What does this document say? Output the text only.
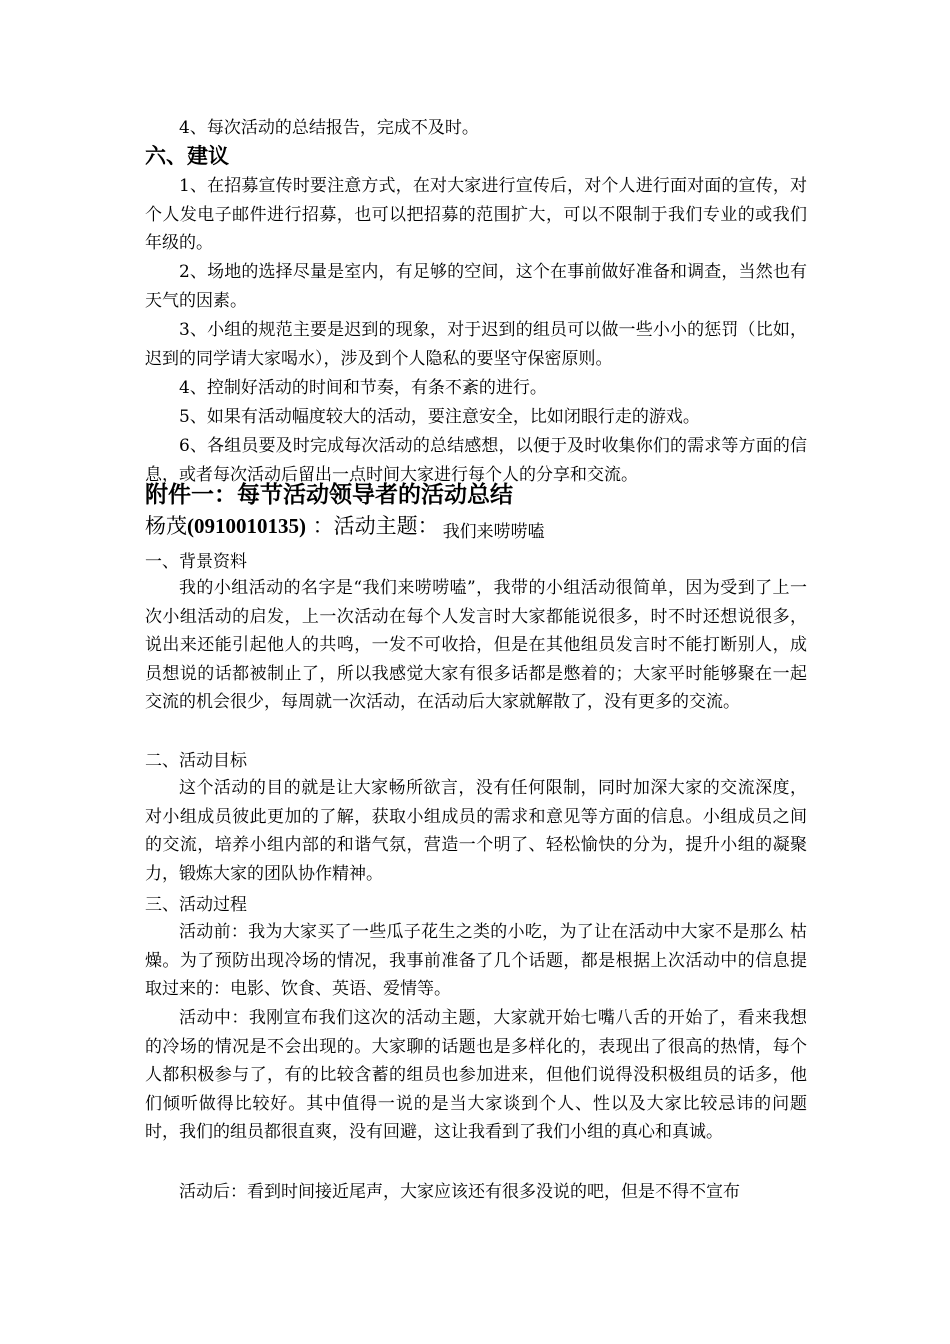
4、每次活动的总结报告，完成不及时。

六、建议

1、在招募宣传时要注意方式，在对大家进行宣传后，对个人进行面对面的宣传，对个人发电子邮件进行招募，也可以把招募的范围扩大，可以不限制于我们专业的或我们年级的。

2、场地的选择尽量是室内，有足够的空间，这个在事前做好准备和调查，当然也有天气的因素。

3、小组的规范主要是迟到的现象，对于迟到的组员可以做一些小小的惩罚（比如，迟到的同学请大家喝水），涉及到个人隐私的要坚守保密原则。

4、控制好活动的时间和节奏，有条不紊的进行。

5、如果有活动幅度较大的活动，要注意安全，比如闭眼行走的游戏。

6、各组员要及时完成每次活动的总结感想，以便于及时收集你们的需求等方面的信息，或者每次活动后留出一点时间大家进行每个人的分享和交流。

附件一：每节活动领导者的活动总结
杨茂(0910010135) ：活动主题： 我们来唠唠嗑
一、背景资料

我的小组活动的名字是“我们来唠唠嗑”，我带的小组活动很简单，因为受到了上一次小组活动的启发，上一次活动在每个人发言时大家都能说很多，时不时还想说很多，说出来还能引起他人的共鸣，一发不可收拾，但是在其他组员发言时不能打断别人，成员想说的话都被制止了，所以我感觉大家有很多话都是憋着的；大家平时能够聚在一起交流的机会很少，每周就一次活动，在活动后大家就解散了，没有更多的交流。

二、活动目标

这个活动的目的就是让大家畅所欲言，没有任何限制，同时加深大家的交流深度，对小组成员彼此更加的了解，获取小组成员的需求和意见等方面的信息。小组成员之间的交流，培养小组内部的和谐气氛，营造一个明了、轻松愉快的分为，提升小组的凝聚力，锻炼大家的团队协作精神。

三、活动过程

活动前：我为大家买了一些瓜子花生之类的小吃，为了让在活动中大家不是那么 枯燥。为了预防出现冷场的情况，我事前准备了几个话题，都是根据上次活动中的信息提取过来的：电影、饮食、英语、爱情等。

活动中：我刚宣布我们这次的活动主题，大家就开始七嘴八舌的开始了，看来我想的冷场的情况是不会出现的。大家聊的话题也是多样化的，表现出了很高的热情，每个人都积极参与了，有的比较含蓄的组员也参加进来，但他们说得没积极组员的话多，他们倾听做得比较好。其中值得一说的是当大家谈到个人、性以及大家比较忌讳的问题时，我们的组员都很直爽，没有回避，这让我看到了我们小组的真心和真诚。

活动后：看到时间接近尾声，大家应该还有很多没说的吧，但是不得不宣布
